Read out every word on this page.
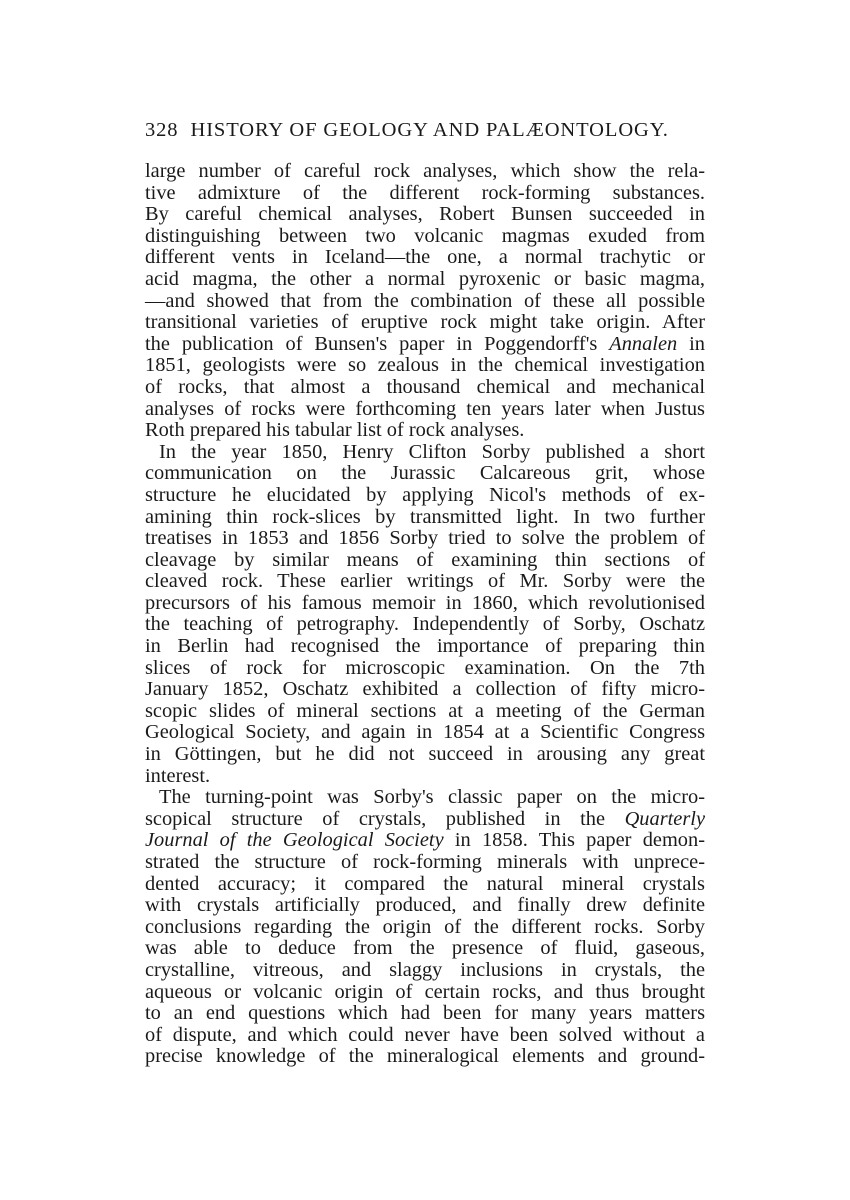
328 HISTORY OF GEOLOGY AND PALÆONTOLOGY.
large number of careful rock analyses, which show the rela-
tive admixture of the different rock-forming substances.
By careful chemical analyses, Robert Bunsen succeeded in
distinguishing between two volcanic magmas exuded from
different vents in Iceland—the one, a normal trachytic or
acid magma, the other a normal pyroxenic or basic magma,
—and showed that from the combination of these all possible
transitional varieties of eruptive rock might take origin. After
the publication of Bunsen's paper in Poggendorff's Annalen in
1851, geologists were so zealous in the chemical investigation
of rocks, that almost a thousand chemical and mechanical
analyses of rocks were forthcoming ten years later when Justus
Roth prepared his tabular list of rock analyses.
In the year 1850, Henry Clifton Sorby published a short
communication on the Jurassic Calcareous grit, whose
structure he elucidated by applying Nicol's methods of ex-
amining thin rock-slices by transmitted light. In two further
treatises in 1853 and 1856 Sorby tried to solve the problem of
cleavage by similar means of examining thin sections of
cleaved rock. These earlier writings of Mr. Sorby were the
precursors of his famous memoir in 1860, which revolutionised
the teaching of petrography. Independently of Sorby, Oschatz
in Berlin had recognised the importance of preparing thin
slices of rock for microscopic examination. On the 7th
January 1852, Oschatz exhibited a collection of fifty micro-
scopic slides of mineral sections at a meeting of the German
Geological Society, and again in 1854 at a Scientific Congress
in Göttingen, but he did not succeed in arousing any great
interest.
The turning-point was Sorby's classic paper on the micro-
scopical structure of crystals, published in the Quarterly
Journal of the Geological Society in 1858. This paper demon-
strated the structure of rock-forming minerals with unprece-
dented accuracy; it compared the natural mineral crystals
with crystals artificially produced, and finally drew definite
conclusions regarding the origin of the different rocks. Sorby
was able to deduce from the presence of fluid, gaseous,
crystalline, vitreous, and slaggy inclusions in crystals, the
aqueous or volcanic origin of certain rocks, and thus brought
to an end questions which had been for many years matters
of dispute, and which could never have been solved without a
precise knowledge of the mineralogical elements and ground-
